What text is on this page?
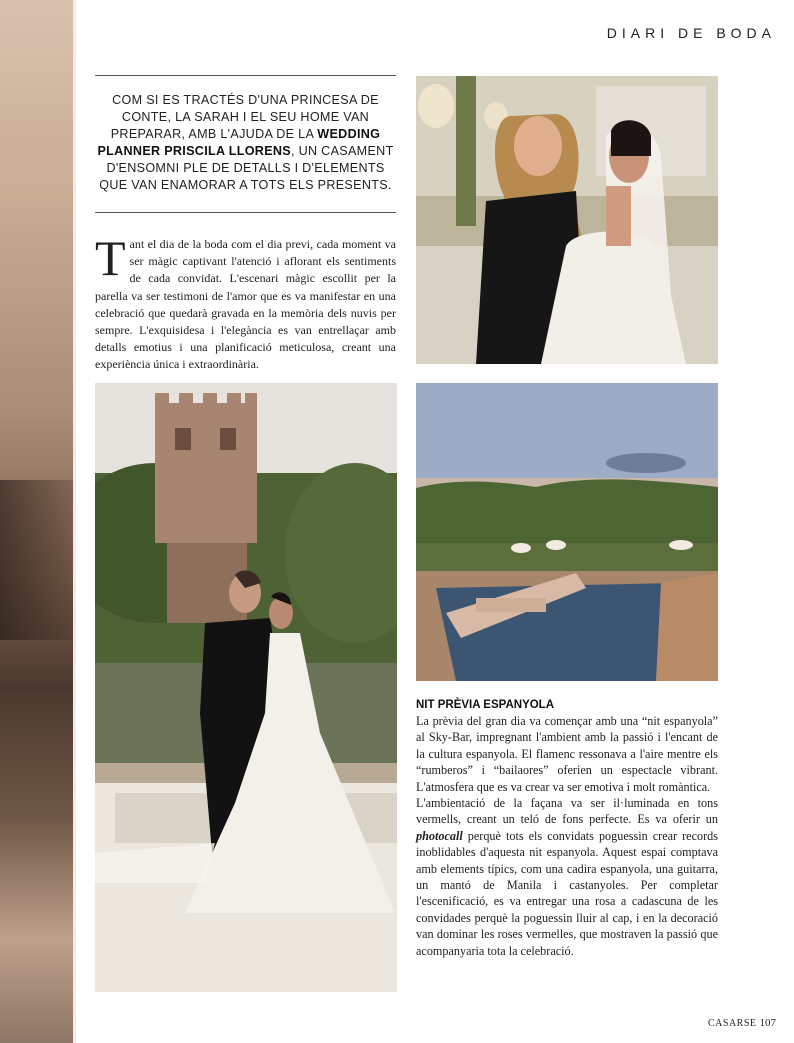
DIARI DE BODA
COM SI ES TRACTÉS D'UNA PRINCESA DE CONTE, LA SARAH I EL SEU HOME VAN PREPARAR, AMB L'AJUDA DE LA WEDDING PLANNER PRISCILA LLORENS, UN CASAMENT D'ENSOMNI PLE DE DETALLS I D'ELEMENTS QUE VAN ENAMORAR A TOTS ELS PRESENTS.
Tant el dia de la boda com el dia previ, cada moment va ser màgic captivant l'atenció i aflorant els sentiments de cada convidat. L'escenari màgic escollit per la parella va ser testimoni de l'amor que es va manifestar en una celebració que quedarà gravada en la memòria dels nuvis per sempre. L'exquisidesa i l'elegància es van entrellaçar amb detalls emotius i una planificació meticulosa, creant una experiència única i extraordinària.
NIT PRÈVIA ESPANYOLA

La prèvia del gran dia va començar amb una “nit espanyola” al Sky-Bar, impregnant l'ambient amb la passió i l'encant de la cultura espanyola. El flamenc ressonava a l'aire mentre els “rumberos” i “bailaores” oferien un espectacle vibrant. L'atmosfera que es va crear va ser emotiva i molt romàntica.

L'ambientació de la façana va ser il·luminada en tons vermells, creant un teló de fons perfecte. Es va oferir un photocall perquè tots els convidats poguessin crear records inoblidables d'aquesta nit espanyola. Aquest espai comptava amb elements típics, com una cadira espanyola, una guitarra, un mantó de Manila i castanyoles. Per completar l'escenificació, es va entregar una rosa a cadascuna de les convidades perquè la poguessin lluir al cap, i en la decoració van dominar les roses vermelles, que mostraven la passió que acompanyaria tota la celebració.

CASARSE 107
